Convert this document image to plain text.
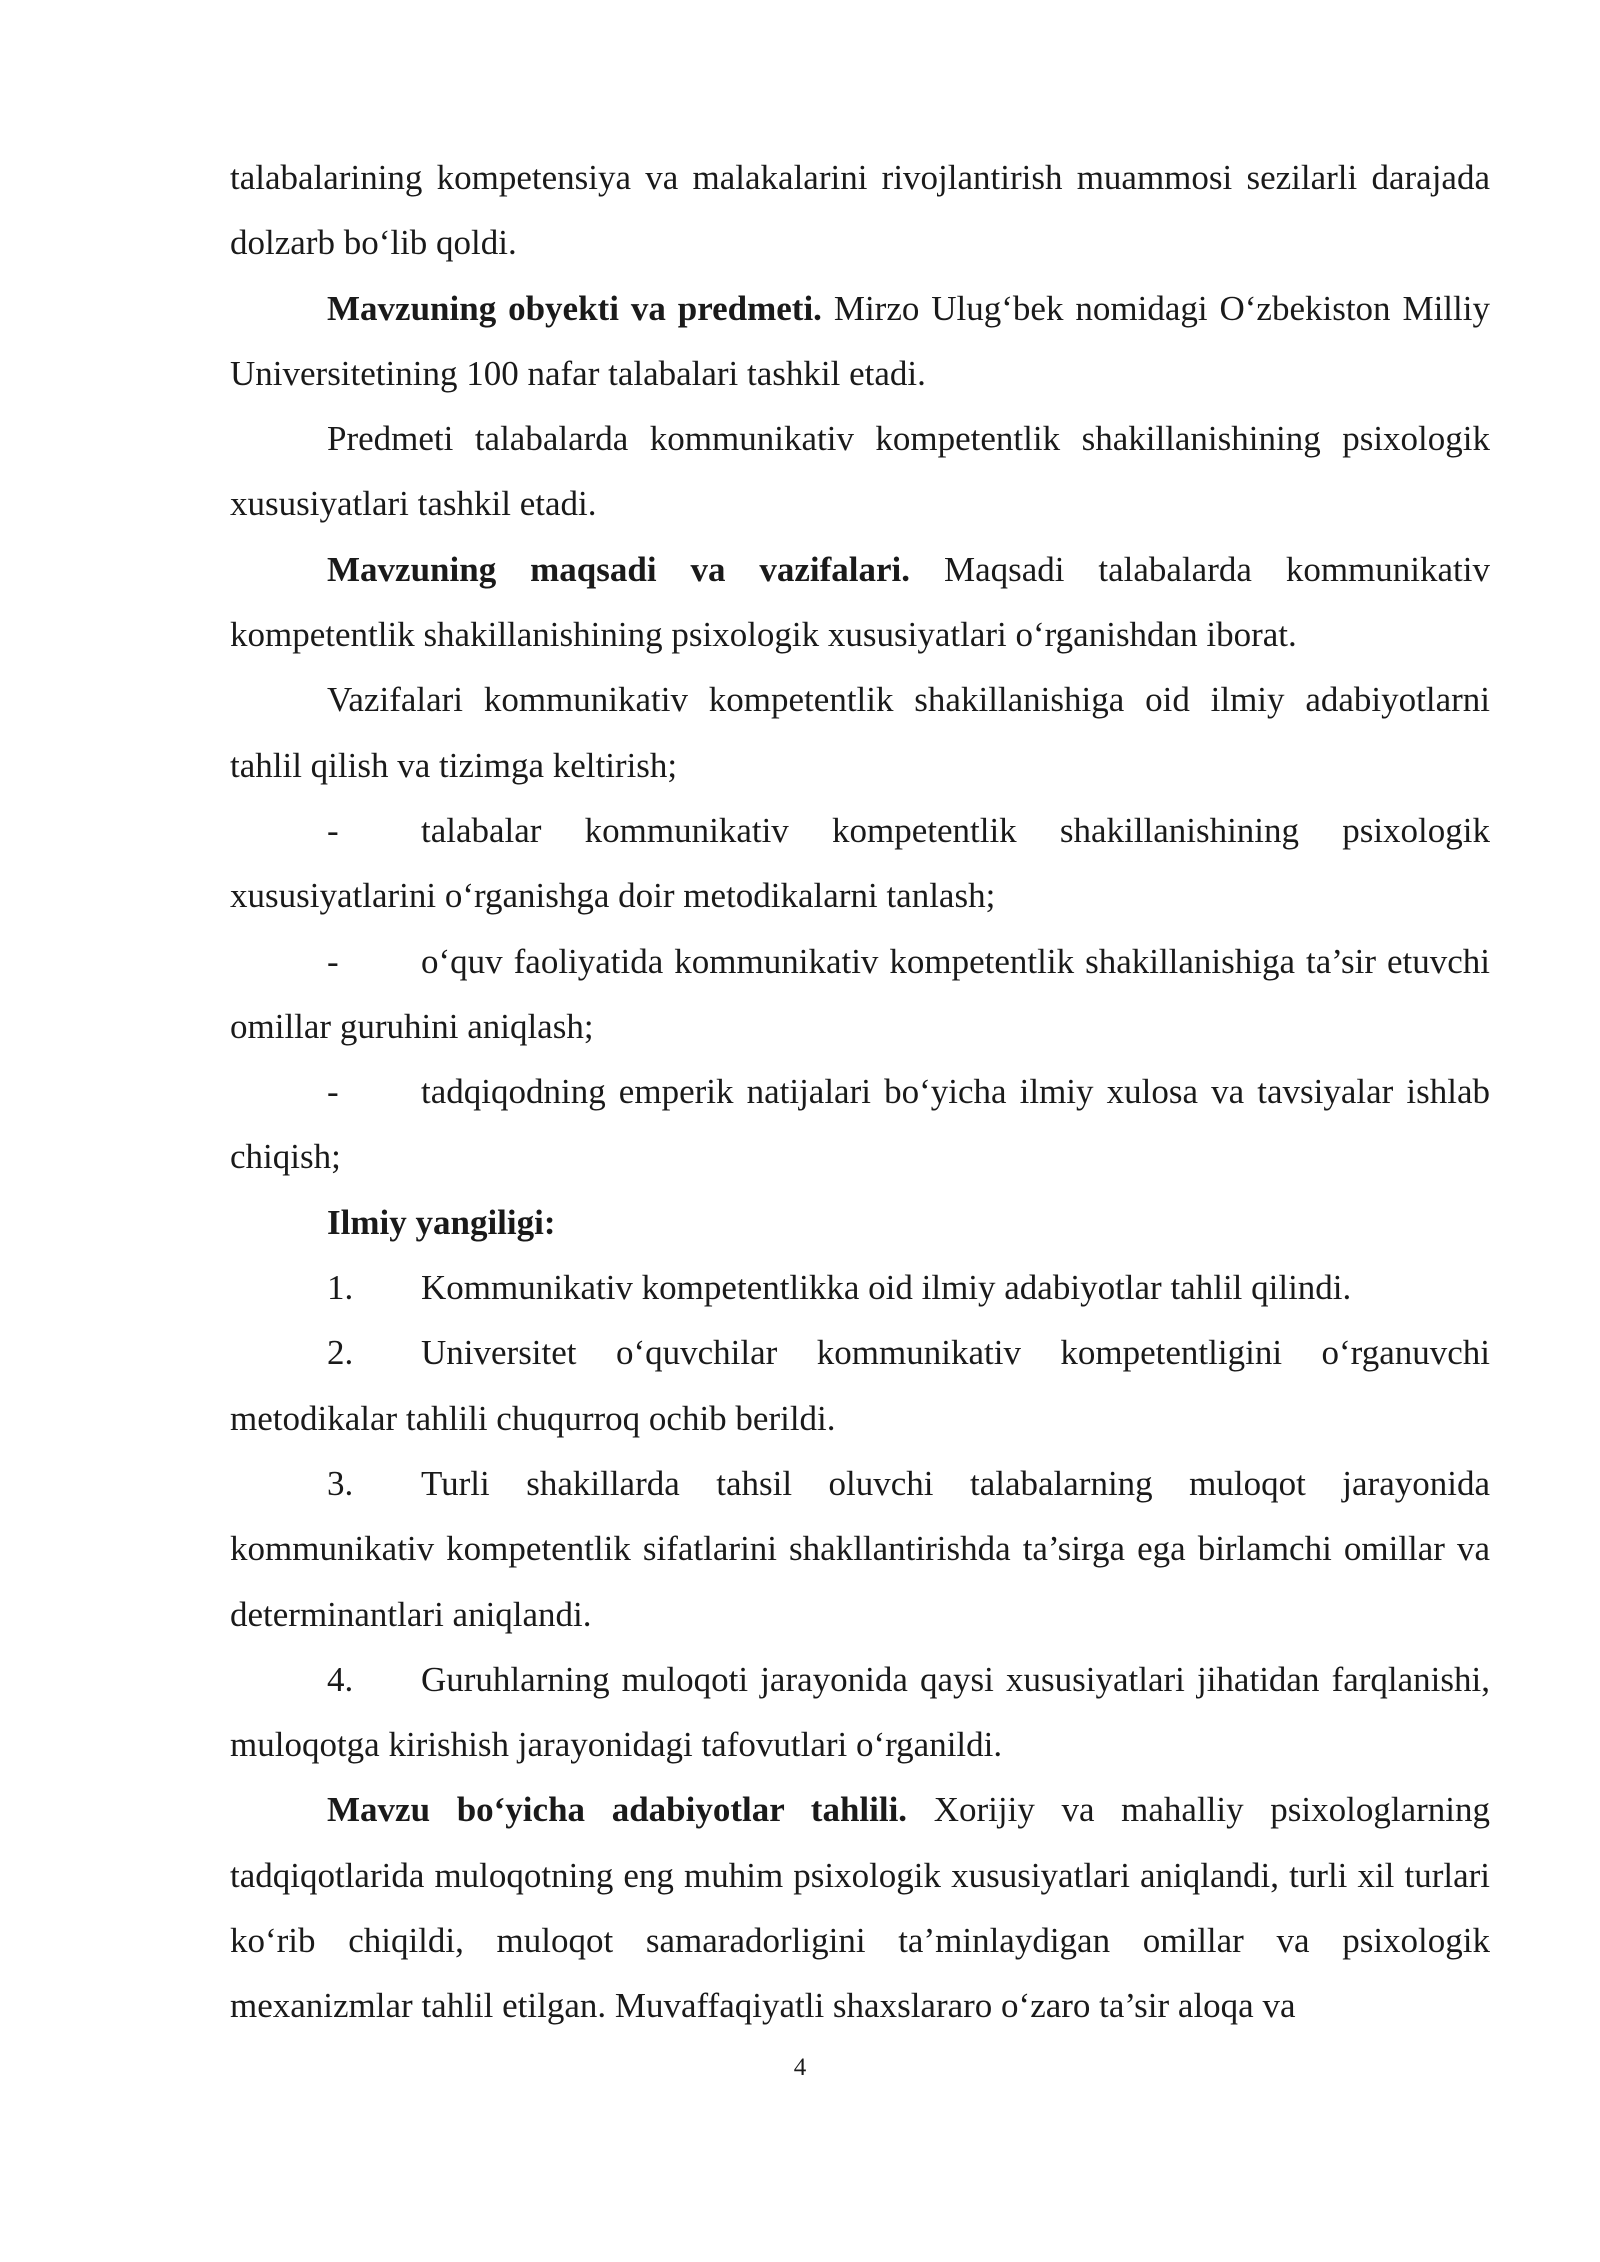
talabalarining kompetensiya va malakalarini rivojlantirish muammosi sezilarli darajada dolzarb bo‘lib qoldi.

Mavzuning obyekti va predmeti. Mirzo Ulug‘bek nomidagi O‘zbekiston Milliy Universitetining 100 nafar talabalari tashkil etadi.

Predmeti talabalarda kommunikativ kompetentlik shakillanishining psixologik xususiyatlari tashkil etadi.

Mavzuning maqsadi va vazifalari. Maqsadi talabalarda kommunikativ kompetentlik shakillanishining psixologik xususiyatlari o‘rganishdan iborat.

Vazifalari kommunikativ kompetentlik shakillanishiga oid ilmiy adabiyotlarni tahlil qilish va tizimga keltirish;

- talabalar kommunikativ kompetentlik shakillanishining psixologik xususiyatlarini o‘rganishga doir metodikalarni tanlash;

- o‘quv faoliyatida kommunikativ kompetentlik shakillanishiga ta’sir etuvchi omillar guruhini aniqlash;

- tadqiqodning emperik natijalari bo‘yicha ilmiy xulosa va tavsiyalar ishlab chiqish;

Ilmiy yangiligi:

1. Kommunikativ kompetentlikka oid ilmiy adabiyotlar tahlil qilindi.

2. Universitet o‘quvchilar kommunikativ kompetentligini o‘rganuvchi metodikalar tahlili chuqurroq ochib berildi.

3. Turli shakillarda tahsil oluvchi talabalarning muloqot jarayonida kommunikativ kompetentlik sifatlarini shakllantirishda ta’sirga ega birlamchi omillar va determinantlari aniqlandi.

4. Guruhlarning muloqoti jarayonida qaysi xususiyatlari jihatidan farqlanishi, muloqotga kirishish jarayonidagi tafovutlari o‘rganildi.

Mavzu bo‘yicha adabiyotlar tahlili. Xorijiy va mahalliy psixologlarning tadqiqotlarida muloqotning eng muhim psixologik xususiyatlari aniqlandi, turli xil turlari ko‘rib chiqildi, muloqot samaradorligini ta’minlaydigan omillar va psixologik mexanizmlar tahlil etilgan. Muvaffaqiyatli shaxslararo o‘zaro ta’sir aloqa va

4
